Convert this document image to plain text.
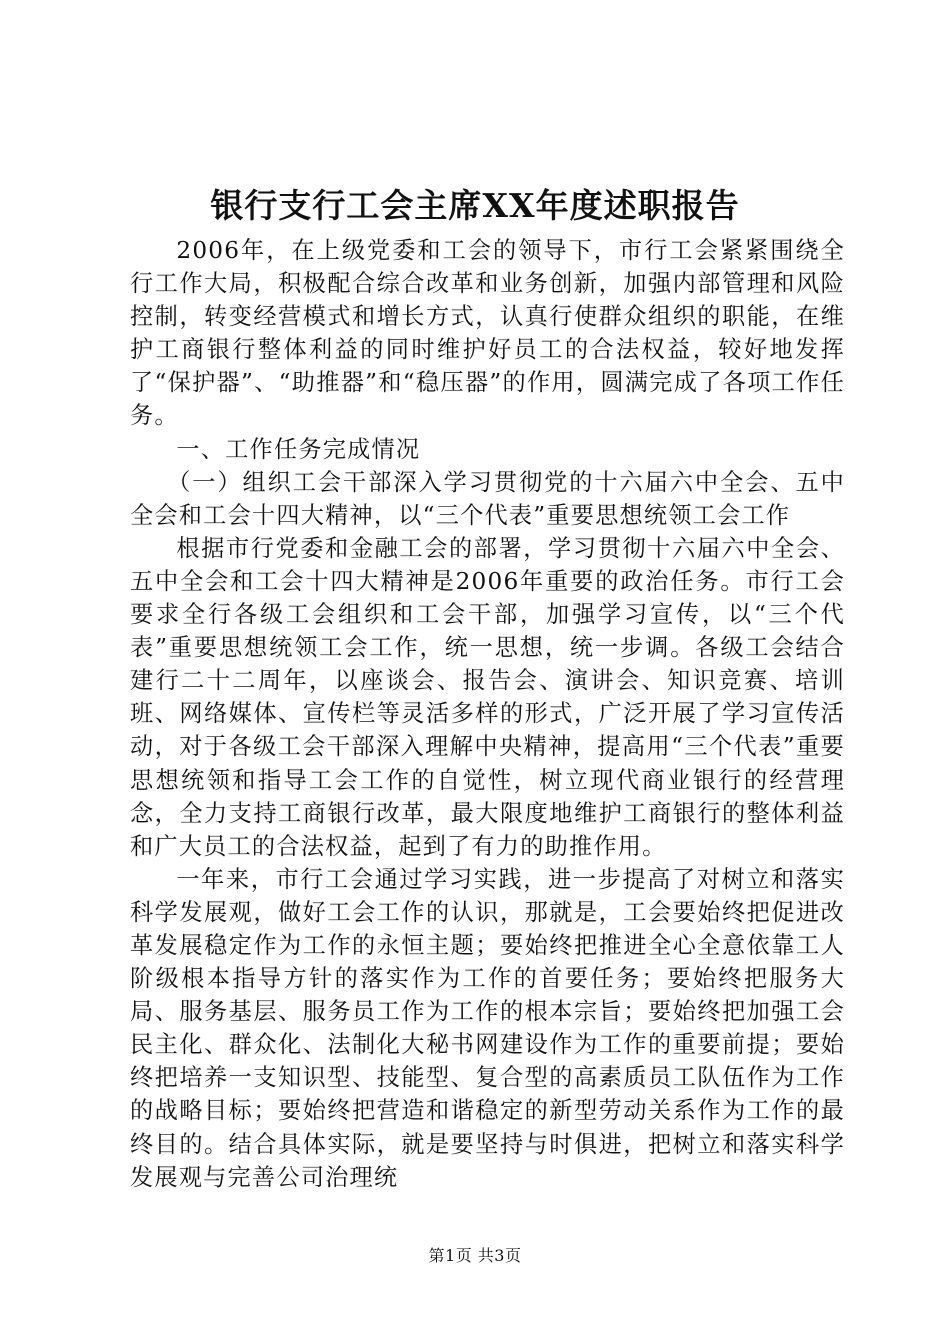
银行支行工会主席XX年度述职报告

2006年，在上级党委和工会的领导下，市行工会紧紧围绕全行工作大局，积极配合综合改革和业务创新，加强内部管理和风险控制，转变经营模式和增长方式，认真行使群众组织的职能，在维护工商银行整体利益的同时维护好员工的合法权益，较好地发挥了“保护器”、“助推器”和“稳压器”的作用，圆满完成了各项工作任务。

一、工作任务完成情况

（一）组织工会干部深入学习贯彻党的十六届六中全会、五中全会和工会十四大精神，以“三个代表”重要思想统领工会工作

根据市行党委和金融工会的部署，学习贯彻十六届六中全会、五中全会和工会十四大精神是2006年重要的政治任务。市行工会要求全行各级工会组织和工会干部，加强学习宣传，以“三个代表”重要思想统领工会工作，统一思想，统一步调。各级工会结合建行二十二周年，以座谈会、报告会、演讲会、知识竞赛、培训班、网络媒体、宣传栏等灵活多样的形式，广泛开展了学习宣传活动，对于各级工会干部深入理解中央精神，提高用“三个代表”重要思想统领和指导工会工作的自觉性，树立现代商业银行的经营理念，全力支持工商银行改革，最大限度地维护工商银行的整体利益和广大员工的合法权益，起到了有力的助推作用。

一年来，市行工会通过学习实践，进一步提高了对树立和落实科学发展观，做好工会工作的认识，那就是，工会要始终把促进改革发展稳定作为工作的永恒主题；要始终把推进全心全意依靠工人阶级根本指导方针的落实作为工作的首要任务；要始终把服务大局、服务基层、服务员工作为工作的根本宗旨；要始终把加强工会民主化、群众化、法制化大秘书网建设作为工作的重要前提；要始终把培养一支知识型、技能型、复合型的高素质员工队伍作为工作的战略目标；要始终把营造和谐稳定的新型劳动关系作为工作的最终目的。结合具体实际，就是要坚持与时俱进，把树立和落实科学发展观与完善公司治理统

第1页 共3页
